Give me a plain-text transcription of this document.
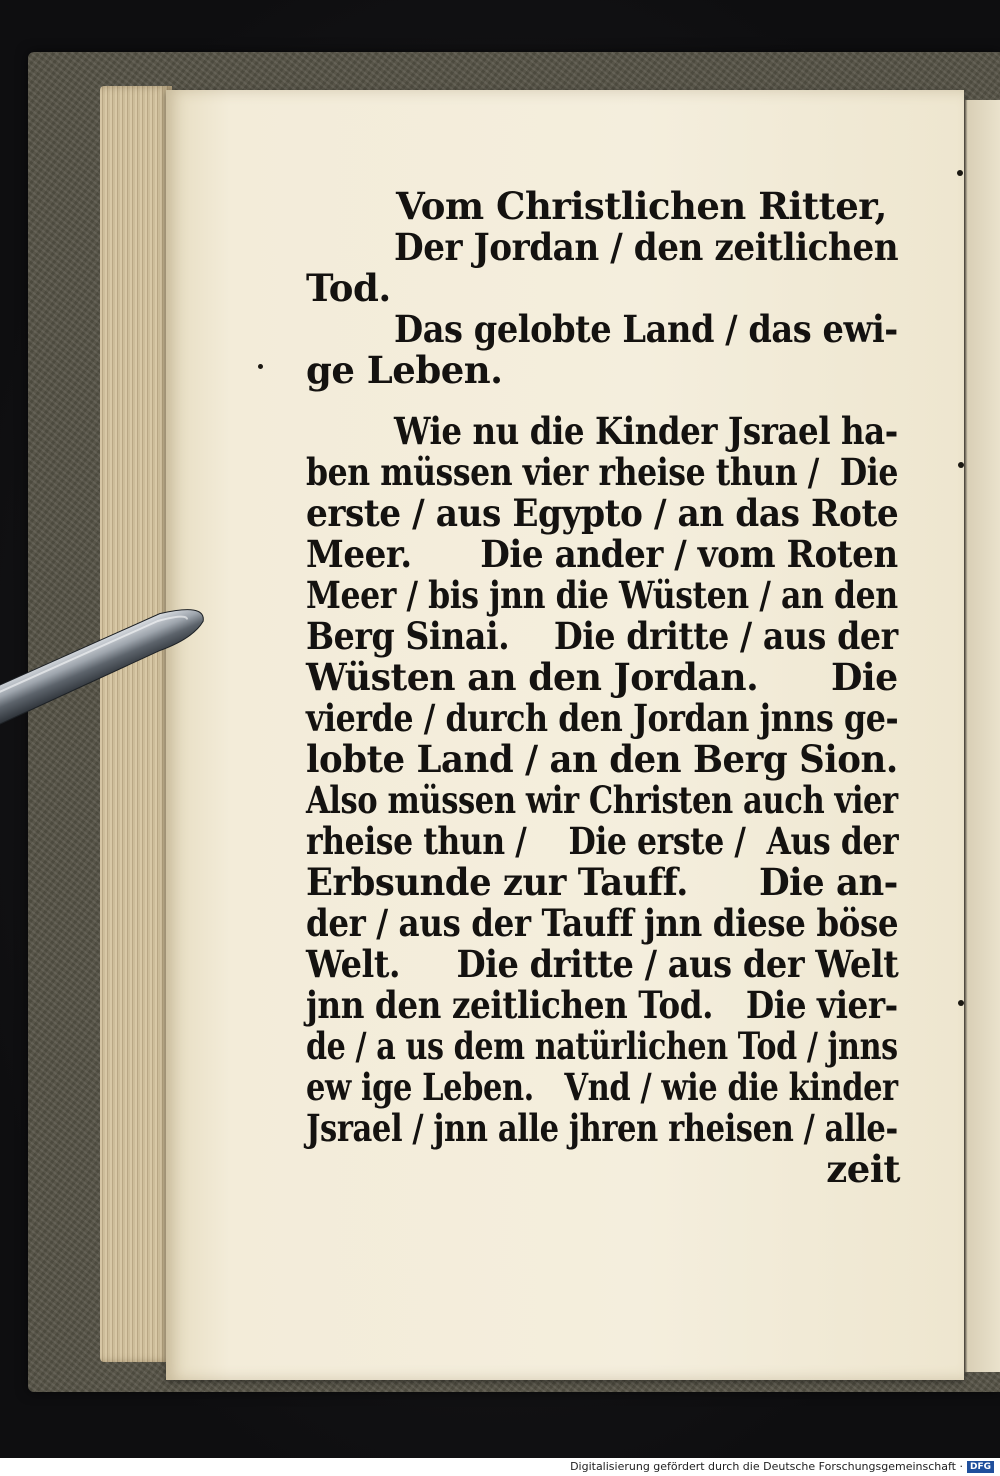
Vom Christlichen Ritter,
Der Jordan / den zeitlichen
Tod.
Das gelobte Land / das ewi-
ge Leben.
Wie nu die Kinder Jsrael ha-
ben müssen vier rheise thun /  Die
erste / aus Egypto / an das Rote
Meer.      Die ander / vom Roten
Meer / bis jnn die Wüsten / an den
Berg Sinai.    Die dritte / aus der
Wüsten an den Jordan.      Die
vierde / durch den Jordan jnns ge-
lobte Land / an den Berg Sion.
Also müssen wir Christen auch vier
rheise thun /    Die erste /  Aus der
Erbsunde zur Tauff.      Die an-
der / aus der Tauff jnn diese böse
Welt.     Die dritte / aus der Welt
jnn den zeitlichen Tod.   Die vier-
de / a us dem natürlichen Tod / jnns
ew ige Leben.   Vnd / wie die kinder
Jsrael / jnn alle jhren rheisen / alle-
zeit
Digitalisierung gefördert durch die Deutsche Forschungsgemeinschaft · DFG
